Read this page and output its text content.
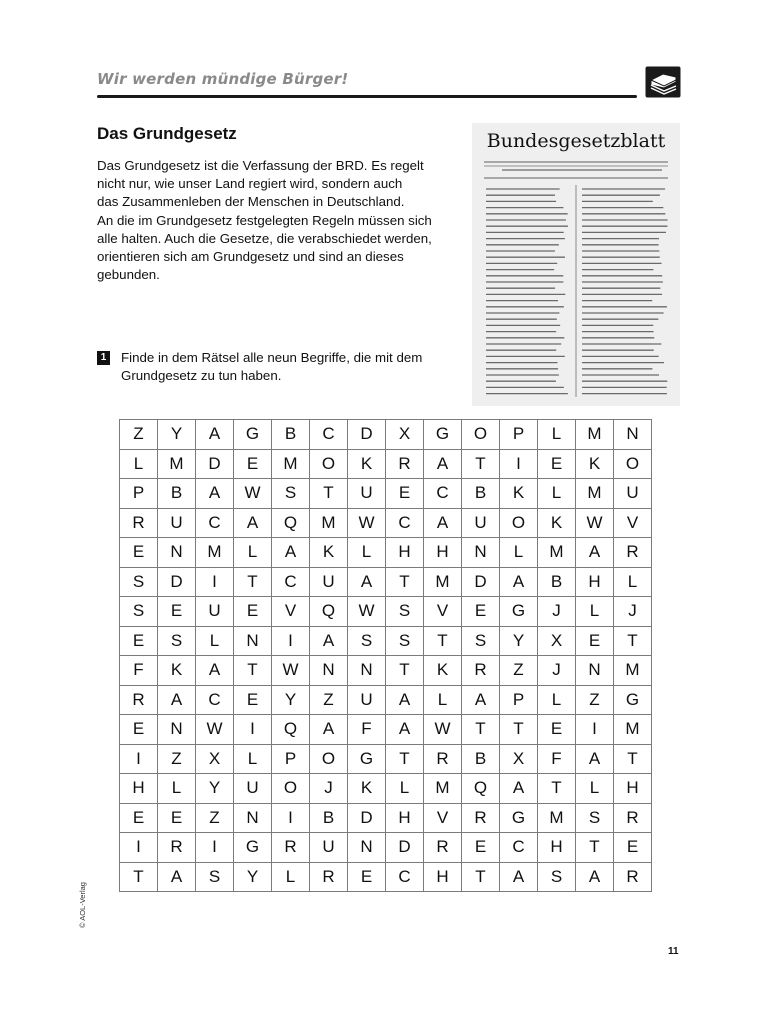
Wir werden mündige Bürger!
Das Grundgesetz
Das Grundgesetz ist die Verfassung der BRD. Es regelt
nicht nur, wie unser Land regiert wird, sondern auch
das Zusammenleben der Menschen in Deutschland.
An die im Grundgesetz festgelegten Regeln müssen sich
alle halten. Auch die Gesetze, die verabschiedet werden,
orientieren sich am Grundgesetz und sind an dieses
gebunden.
Bundesgesetzblatt
1 Finde in dem Rätsel alle neun Begriffe, die mit dem
Grundgesetz zu tun haben.
Z	Y	A	G	B	C	D	X	G	O	P	L	M	N
L	M	D	E	M	O	K	R	A	T	I	E	K	O
P	B	A	W	S	T	U	E	C	B	K	L	M	U
R	U	C	A	Q	M	W	C	A	U	O	K	W	V
E	N	M	L	A	K	L	H	H	N	L	M	A	R
S	D	I	T	C	U	A	T	M	D	A	B	H	L
S	E	U	E	V	Q	W	S	V	E	G	J	L	J
E	S	L	N	I	A	S	S	T	S	Y	X	E	T
F	K	A	T	W	N	N	T	K	R	Z	J	N	M
R	A	C	E	Y	Z	U	A	L	A	P	L	Z	G
E	N	W	I	Q	A	F	A	W	T	T	E	I	M
I	Z	X	L	P	O	G	T	R	B	X	F	A	T
H	L	Y	U	O	J	K	L	M	Q	A	T	L	H
E	E	Z	N	I	B	D	H	V	R	G	M	S	R
I	R	I	G	R	U	N	D	R	E	C	H	T	E
T	A	S	Y	L	R	E	C	H	T	A	S	A	R
© AOL-Verlag
11
